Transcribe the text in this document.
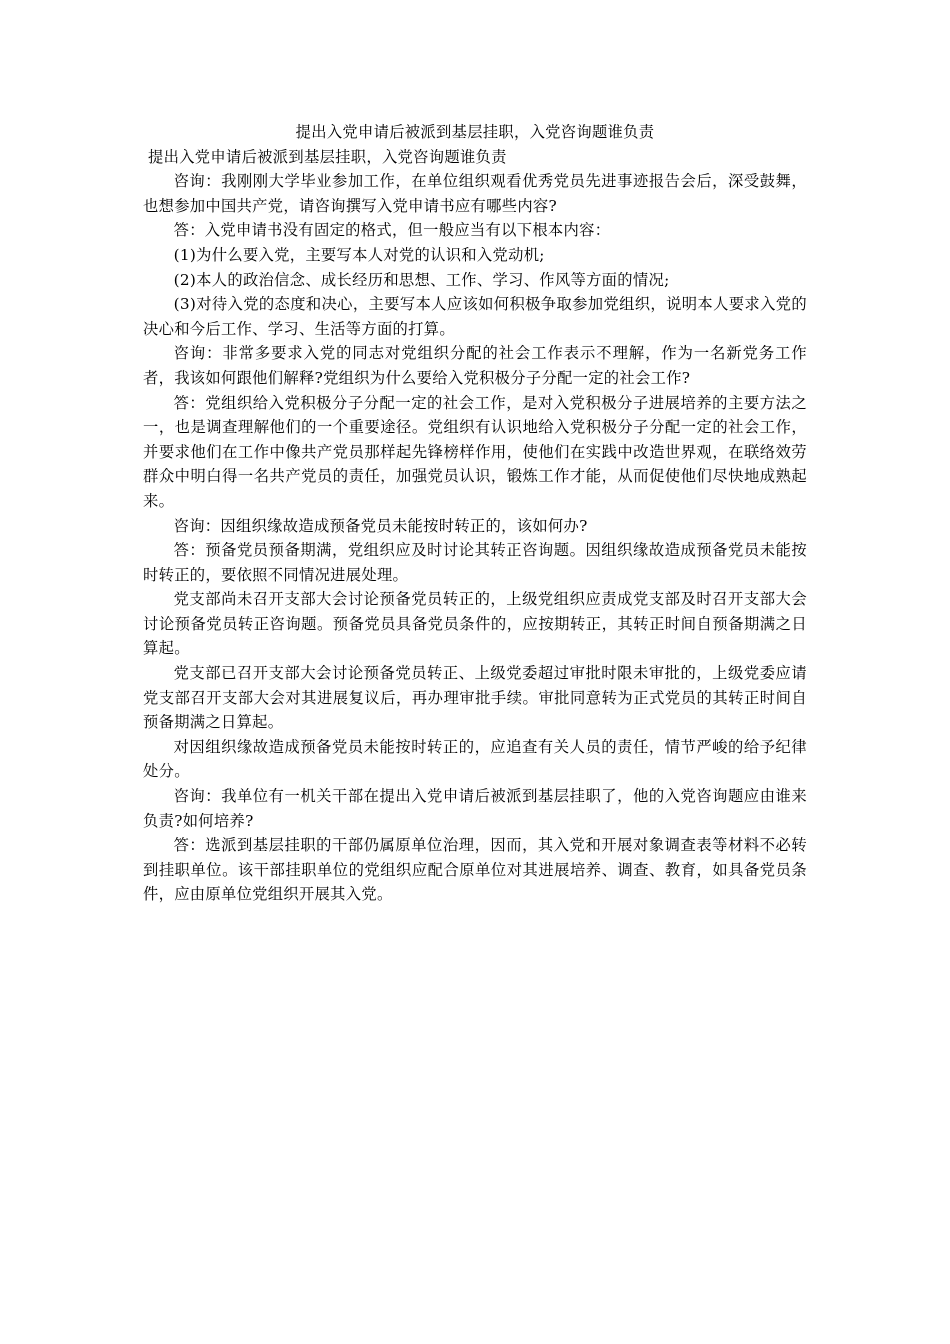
提出入党申请后被派到基层挂职，入党咨询题谁负责

提出入党申请后被派到基层挂职，入党咨询题谁负责

咨询：我刚刚大学毕业参加工作，在单位组织观看优秀党员先进事迹报告会后，深受鼓舞，也想参加中国共产党，请咨询撰写入党申请书应有哪些内容?

答：入党申请书没有固定的格式，但一般应当有以下根本内容：

(1)为什么要入党，主要写本人对党的认识和入党动机;

(2)本人的政治信念、成长经历和思想、工作、学习、作风等方面的情况;

(3)对待入党的态度和决心，主要写本人应该如何积极争取参加党组织，说明本人要求入党的决心和今后工作、学习、生活等方面的打算。

咨询：非常多要求入党的同志对党组织分配的社会工作表示不理解，作为一名新党务工作者，我该如何跟他们解释?党组织为什么要给入党积极分子分配一定的社会工作?

答：党组织给入党积极分子分配一定的社会工作，是对入党积极分子进展培养的主要方法之一，也是调查理解他们的一个重要途径。党组织有认识地给入党积极分子分配一定的社会工作，并要求他们在工作中像共产党员那样起先锋榜样作用，使他们在实践中改造世界观，在联络效劳群众中明白得一名共产党员的责任，加强党员认识，锻炼工作才能，从而促使他们尽快地成熟起来。

咨询：因组织缘故造成预备党员未能按时转正的，该如何办?

答：预备党员预备期满，党组织应及时讨论其转正咨询题。因组织缘故造成预备党员未能按时转正的，要依照不同情况进展处理。

党支部尚未召开支部大会讨论预备党员转正的，上级党组织应责成党支部及时召开支部大会讨论预备党员转正咨询题。预备党员具备党员条件的，应按期转正，其转正时间自预备期满之日算起。

党支部已召开支部大会讨论预备党员转正、上级党委超过审批时限未审批的，上级党委应请党支部召开支部大会对其进展复议后，再办理审批手续。审批同意转为正式党员的其转正时间自预备期满之日算起。

对因组织缘故造成预备党员未能按时转正的，应追查有关人员的责任，情节严峻的给予纪律处分。

咨询：我单位有一机关干部在提出入党申请后被派到基层挂职了，他的入党咨询题应由谁来负责?如何培养?

答：选派到基层挂职的干部仍属原单位治理，因而，其入党和开展对象调查表等材料不必转到挂职单位。该干部挂职单位的党组织应配合原单位对其进展培养、调查、教育，如具备党员条件，应由原单位党组织开展其入党。
